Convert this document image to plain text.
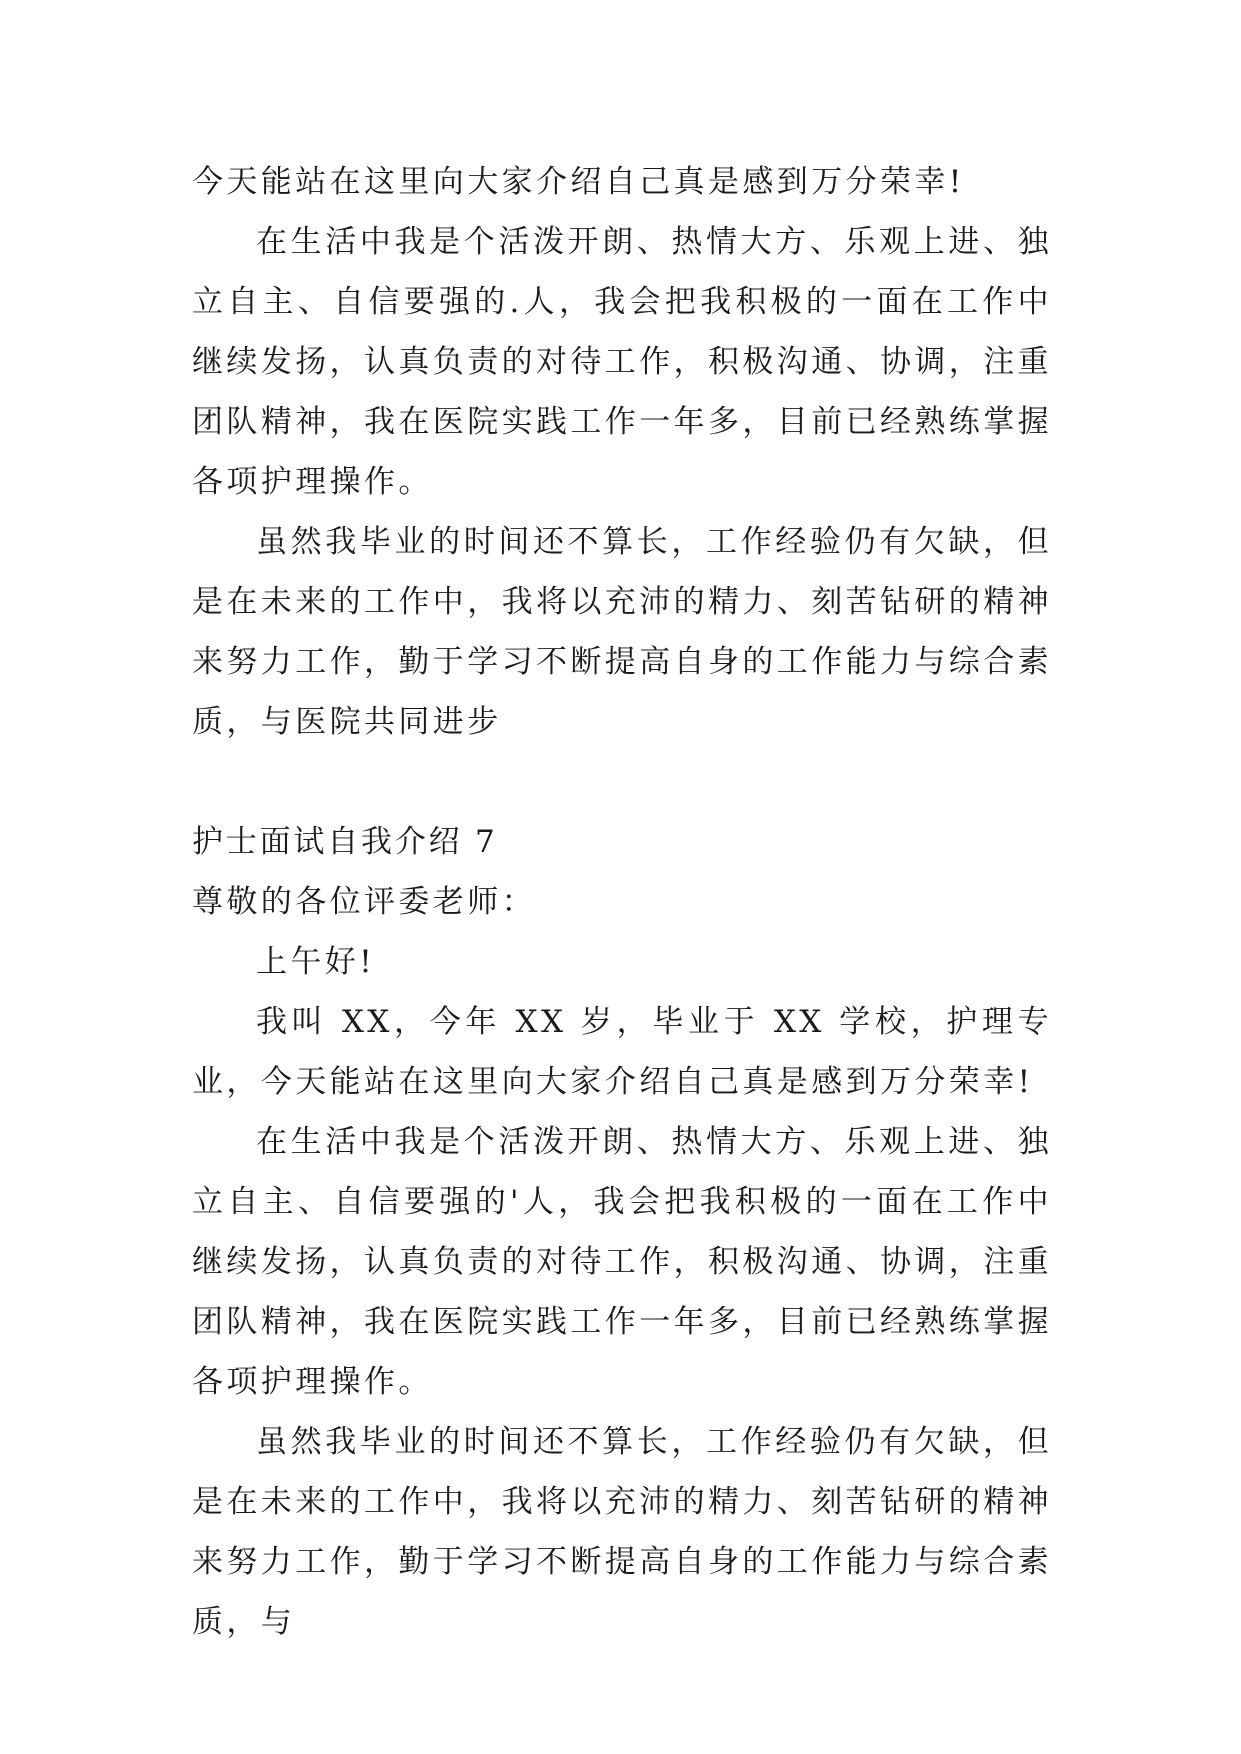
今天能站在这里向大家介绍自己真是感到万分荣幸!

在生活中我是个活泼开朗、热情大方、乐观上进、独立自主、自信要强的.人，我会把我积极的一面在工作中继续发扬，认真负责的对待工作，积极沟通、协调，注重团队精神，我在医院实践工作一年多，目前已经熟练掌握各项护理操作。

虽然我毕业的时间还不算长，工作经验仍有欠缺，但是在未来的工作中，我将以充沛的精力、刻苦钻研的精神来努力工作，勤于学习不断提高自身的工作能力与综合素质，与医院共同进步

护士面试自我介绍 7

尊敬的各位评委老师：

上午好!

我叫 XX，今年 XX 岁，毕业于 XX 学校，护理专业，今天能站在这里向大家介绍自己真是感到万分荣幸!

在生活中我是个活泼开朗、热情大方、乐观上进、独立自主、自信要强的'人，我会把我积极的一面在工作中继续发扬，认真负责的对待工作，积极沟通、协调，注重团队精神，我在医院实践工作一年多，目前已经熟练掌握各项护理操作。

虽然我毕业的时间还不算长，工作经验仍有欠缺，但是在未来的工作中，我将以充沛的精力、刻苦钻研的精神来努力工作，勤于学习不断提高自身的工作能力与综合素质，与
